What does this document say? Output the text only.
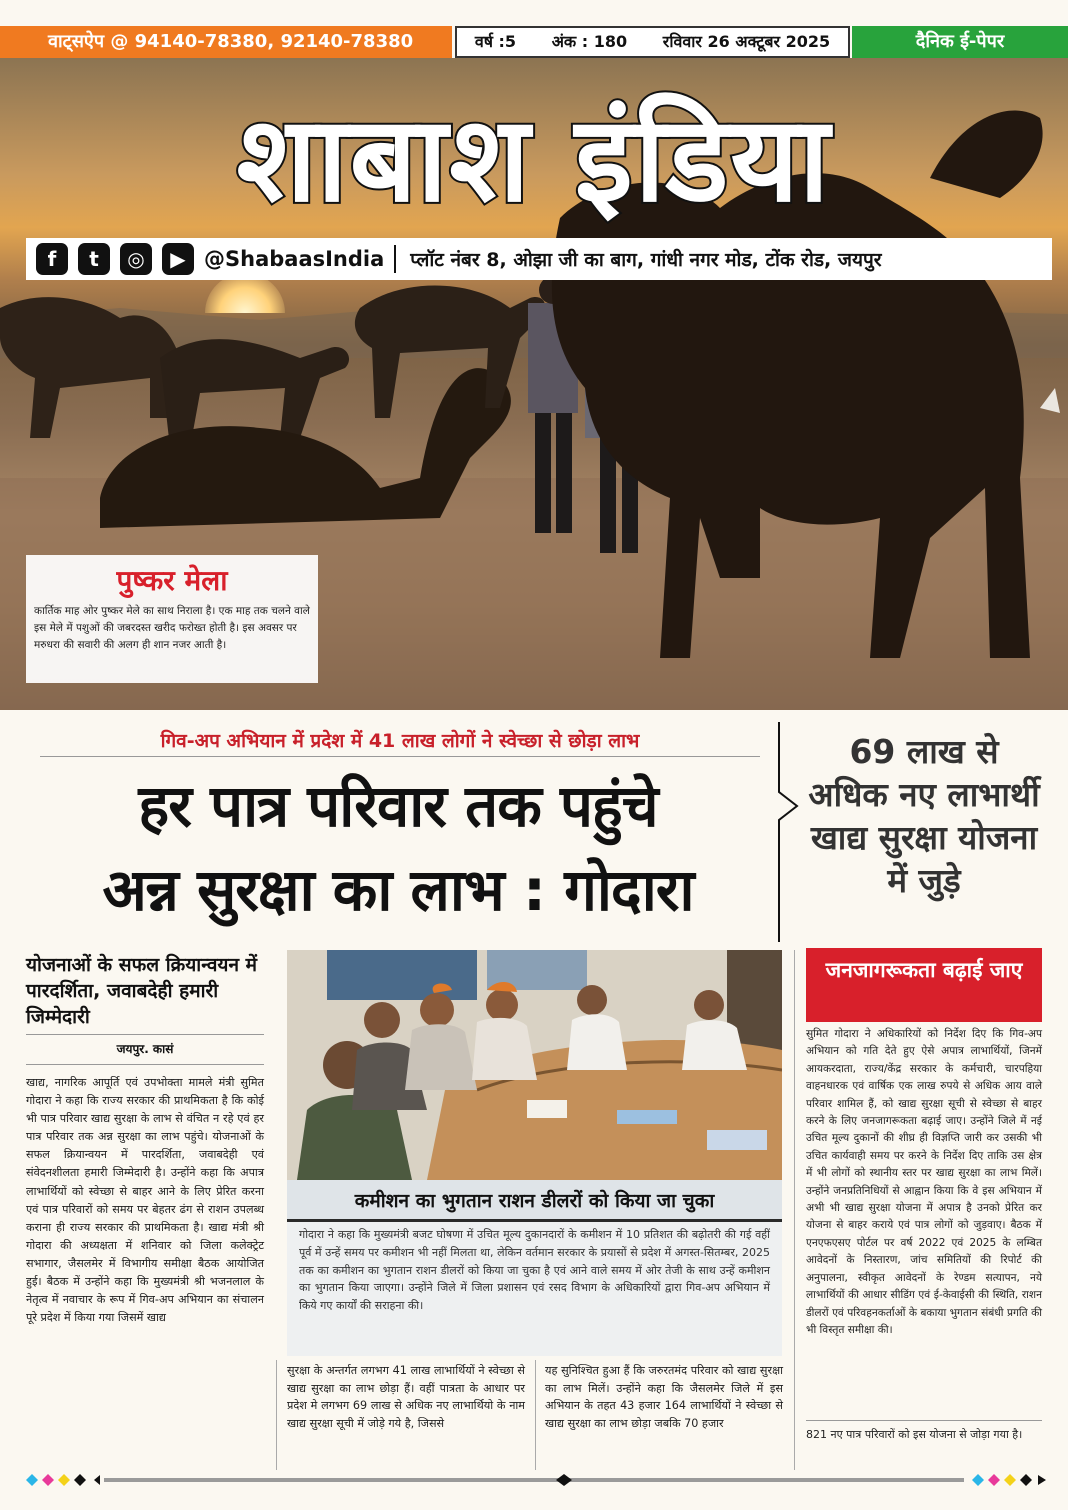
वाट्सऐप @ 94140-78380, 92140-78380	वर्ष :5 अंक : 180 रविवार 26 अक्टूबर 2025	दैनिक ई-पेपर
शाबाश इंडिया
f	t	◎	▶ @ShabaasIndia प्लॉट नंबर 8, ओझा जी का बाग, गांधी नगर मोड, टोंक रोड, जयपुर
पुष्कर मेला

कार्तिक माह ओर पुष्कर मेले का साथ निराला है। एक माह तक चलने वाले इस मेले में पशुओं की जबरदस्त खरीद फरोख्त होती है। इस अवसर पर मरुधरा की सवारी की अलग ही शान नजर आती है।

गिव-अप अभियान में प्रदेश में 41 लाख लोगों ने स्वेच्छा से छोड़ा लाभ
हर पात्र परिवार तक पहुंचे
अन्न सुरक्षा का लाभ : गोदारा
69 लाख से अधिक नए लाभार्थी खाद्य सुरक्षा योजना में जुड़े
जनजागरूकता बढ़ाई जाए
सुमित गोदारा ने अधिकारियों को निर्देश दिए कि गिव-अप अभियान को गति देते हुए ऐसे अपात्र लाभार्थियों, जिनमें आयकरदाता, राज्य/केंद्र सरकार के कर्मचारी, चारपहिया वाहनधारक एवं वार्षिक एक लाख रुपये से अधिक आय वाले परिवार शामिल हैं, को खाद्य सुरक्षा सूची से स्वेच्छा से बाहर करने के लिए जनजागरूकता बढ़ाई जाए। उन्होंने जिले में नई उचित मूल्य दुकानों की शीघ्र ही विज्ञप्ति जारी कर उसकी भी उचित कार्यवाही समय पर करने के निर्देश दिए ताकि उस क्षेत्र में भी लोगों को स्थानीय स्तर पर खाद्य सुरक्षा का लाभ मिलें। उन्होंने जनप्रतिनिधियों से आह्वान किया कि वे इस अभियान में अभी भी खाद्य सुरक्षा योजना में अपात्र है उनको प्रेरित कर योजना से बाहर कराये एवं पात्र लोगों को जुड़वाए। बैठक में एनएफएसए पोर्टल पर वर्ष 2022 एवं 2025 के लम्बित आवेदनों के निस्तारण, जांच समितियों की रिपोर्ट की अनुपालना, स्वीकृत आवेदनों के रेण्डम सत्यापन, नये लाभार्थियों की आधार सीडिंग एवं ई-केवाईसी की स्थिति, राशन डीलरों एवं परिवहनकर्ताओं के बकाया भुगतान संबंधी प्रगति की भी विस्तृत समीक्षा की।
821 नए पात्र परिवारों को इस योजना से जोड़ा गया है।
योजनाओं के सफल क्रियान्वयन में पारदर्शिता, जवाबदेही हमारी जिम्मेदारी
जयपुर. कासं
खाद्य, नागरिक आपूर्ति एवं उपभोक्ता मामले मंत्री सुमित गोदारा ने कहा कि राज्य सरकार की प्राथमिकता है कि कोई भी पात्र परिवार खाद्य सुरक्षा के लाभ से वंचित न रहे एवं हर पात्र परिवार तक अन्न सुरक्षा का लाभ पहुंचे। योजनाओं के सफल क्रियान्वयन में पारदर्शिता, जवाबदेही एवं संवेदनशीलता हमारी जिम्मेदारी है। उन्होंने कहा कि अपात्र लाभार्थियों को स्वेच्छा से बाहर आने के लिए प्रेरित करना एवं पात्र परिवारों को समय पर बेहतर ढंग से राशन उपलब्ध कराना ही राज्य सरकार की प्राथमिकता है। खाद्य मंत्री श्री गोदारा की अध्यक्षता में शनिवार को जिला कलेक्ट्रेट सभागार, जैसलमेर में विभागीय समीक्षा बैठक आयोजित हुई। बैठक में उन्होंने कहा कि मुख्यमंत्री श्री भजनलाल के नेतृत्व में नवाचार के रूप में गिव-अप अभियान का संचालन पूरे प्रदेश में किया गया जिसमें खाद्य
कमीशन का भुगतान राशन डीलरों को किया जा चुका
गोदारा ने कहा कि मुख्यमंत्री बजट घोषणा में उचित मूल्य दुकानदारों के कमीशन में 10 प्रतिशत की बढ़ोतरी की गई वहीं पूर्व में उन्हें समय पर कमीशन भी नहीं मिलता था, लेकिन वर्तमान सरकार के प्रयासों से प्रदेश में अगस्त-सितम्बर, 2025 तक का कमीशन का भुगतान राशन डीलरों को किया जा चुका है एवं आने वाले समय में ओर तेजी के साथ उन्हें कमीशन का भुगतान किया जाएगा। उन्होंने जिले में जिला प्रशासन एवं रसद विभाग के अधिकारियों द्वारा गिव-अप अभियान में किये गए कार्यों की सराहना की।
सुरक्षा के अन्तर्गत लगभग 41 लाख लाभार्थियों ने स्वेच्छा से खाद्य सुरक्षा का लाभ छोड़ा हैं। वहीं पात्रता के आधार पर प्रदेश मे लगभग 69 लाख से अधिक नए लाभार्थियो के नाम खाद्य सुरक्षा सूची में जोड़े गये है, जिससे
यह सुनिश्चित हुआ हैं कि जरुरतमंद परिवार को खाद्य सुरक्षा का लाभ मिलें। उन्होंने कहा कि जैसलमेर जिले में इस अभियान के तहत 43 हजार 164 लाभार्थियों ने स्वेच्छा से खाद्य सुरक्षा का लाभ छोड़ा जबकि 70 हजार
